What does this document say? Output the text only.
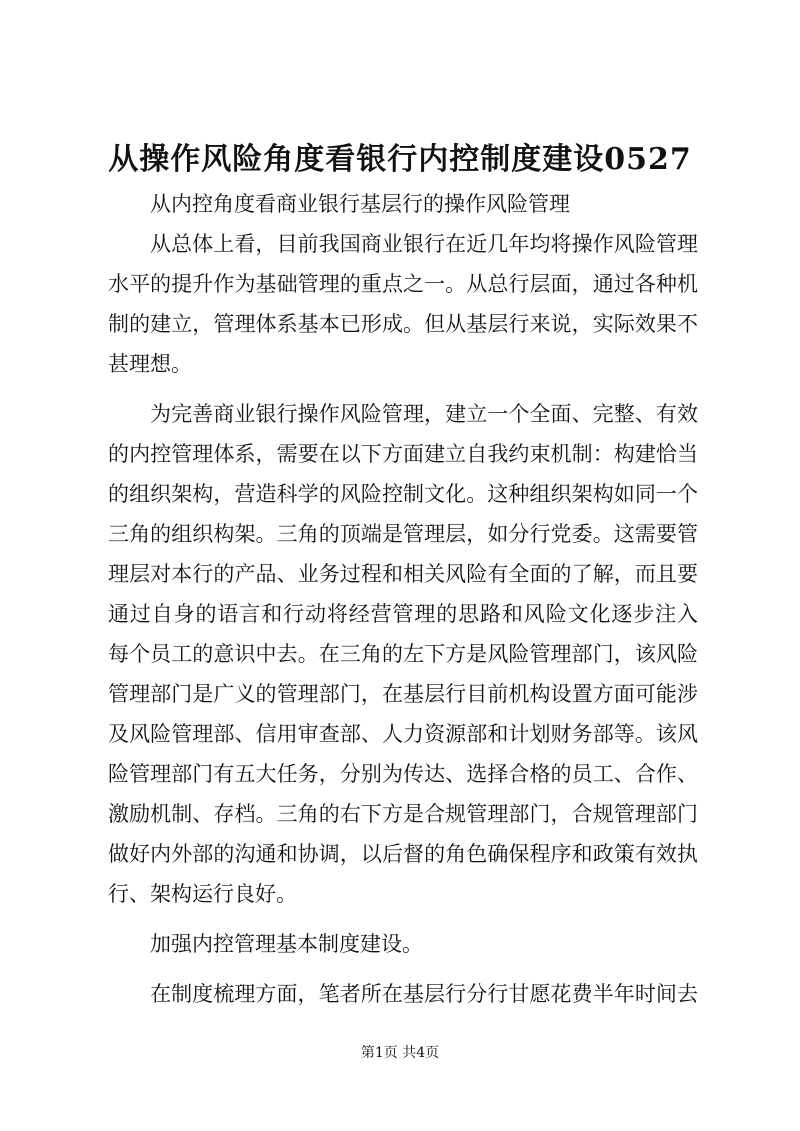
从操作风险角度看银行内控制度建设0527

从内控角度看商业银行基层行的操作风险管理

从总体上看，目前我国商业银行在近几年均将操作风险管理
水平的提升作为基础管理的重点之一。从总行层面，通过各种机
制的建立，管理体系基本已形成。但从基层行来说，实际效果不
甚理想。

为完善商业银行操作风险管理，建立一个全面、完整、有效
的内控管理体系，需要在以下方面建立自我约束机制：构建恰当
的组织架构，营造科学的风险控制文化。这种组织架构如同一个
三角的组织构架。三角的顶端是管理层，如分行党委。这需要管
理层对本行的产品、业务过程和相关风险有全面的了解，而且要
通过自身的语言和行动将经营管理的思路和风险文化逐步注入
每个员工的意识中去。在三角的左下方是风险管理部门，该风险
管理部门是广义的管理部门，在基层行目前机构设置方面可能涉
及风险管理部、信用审查部、人力资源部和计划财务部等。该风
险管理部门有五大任务，分别为传达、选择合格的员工、合作、
激励机制、存档。三角的右下方是合规管理部门，合规管理部门
做好内外部的沟通和协调，以后督的角色确保程序和政策有效执
行、架构运行良好。

加强内控管理基本制度建设。

在制度梳理方面，笔者所在基层行分行甘愿花费半年时间去

第1页 共4页
